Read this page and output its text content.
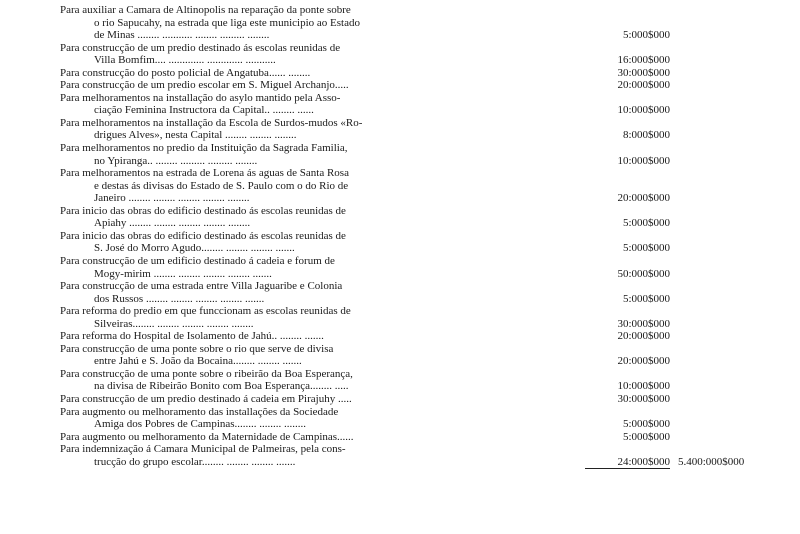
Para auxiliar a Camara de Altinopolis na reparação da ponte sobre
o rio Sapucahy, na estrada que liga este municipio ao Estado
de Minas ........ ........... ........ ......... ........	5:000$000
Para construcção de um predio destinado ás escolas reunidas de
Villa Bomfim.... ............. ............. ...........	16:000$000
Para construcção do posto policial de Angatuba...... ........	30:000$000
Para construcção de um predio escolar em S. Miguel Archanjo.....	20:000$000
Para melhoramentos na installação do asylo mantido pela Asso-
ciação Feminina Instructora da Capital.. ........ ......	10:000$000
Para melhoramentos na installação da Escola de Surdos-mudos «Ro-
drigues Alves», nesta Capital ........ ........ ........	8:000$000
Para melhoramentos no predio da Instituição da Sagrada Familia,
no Ypiranga.. ........ ......... ......... ........	10:000$000
Para melhoramentos na estrada de Lorena ás aguas de Santa Rosa
e destas ás divisas do Estado de S. Paulo com o do Rio de
Janeiro ........ ........ ........ ........ ........	20:000$000
Para inicio das obras do edificio destinado ás escolas reunidas de
Apiahy ........ ........ ........ ........ ........	5:000$000
Para inicio das obras do edificio destinado ás escolas reunidas de
S. José do Morro Agudo........ ........ ........ .......	5:000$000
Para construcção de um edificio destinado á cadeia e forum de
Mogy-mirim ........ ........ ........ ........ .......	50:000$000
Para construcção de uma estrada entre Villa Jaguaribe e Colonia
dos Russos ........ ........ ........ ........ .......	5:000$000
Para reforma do predio em que funccionam as escolas reunidas de
Silveiras........ ........ ........ ........ ........	30:000$000
Para reforma do Hospital de Isolamento de Jahú.. ........ .......	20:000$000
Para construcção de uma ponte sobre o rio que serve de divisa
entre Jahú e S. João da Bocaina........ ........ .......	20:000$000
Para construcção de uma ponte sobre o ribeirão da Boa Esperança,
na divisa de Ribeirão Bonito com Boa Esperança........ .....	10:000$000
Para construcção de um predio destinado á cadeia em Pirajuhy .....	30:000$000
Para augmento ou melhoramento das installações da Sociedade
Amiga dos Pobres de Campinas........ ........ ........	5:000$000
Para augmento ou melhoramento da Maternidade de Campinas......	5:000$000
Para indemnização á Camara Municipal de Palmeiras, pela cons-
trucção do grupo escolar........ ........ ........ .......	24:000$000 5.400:000$000
